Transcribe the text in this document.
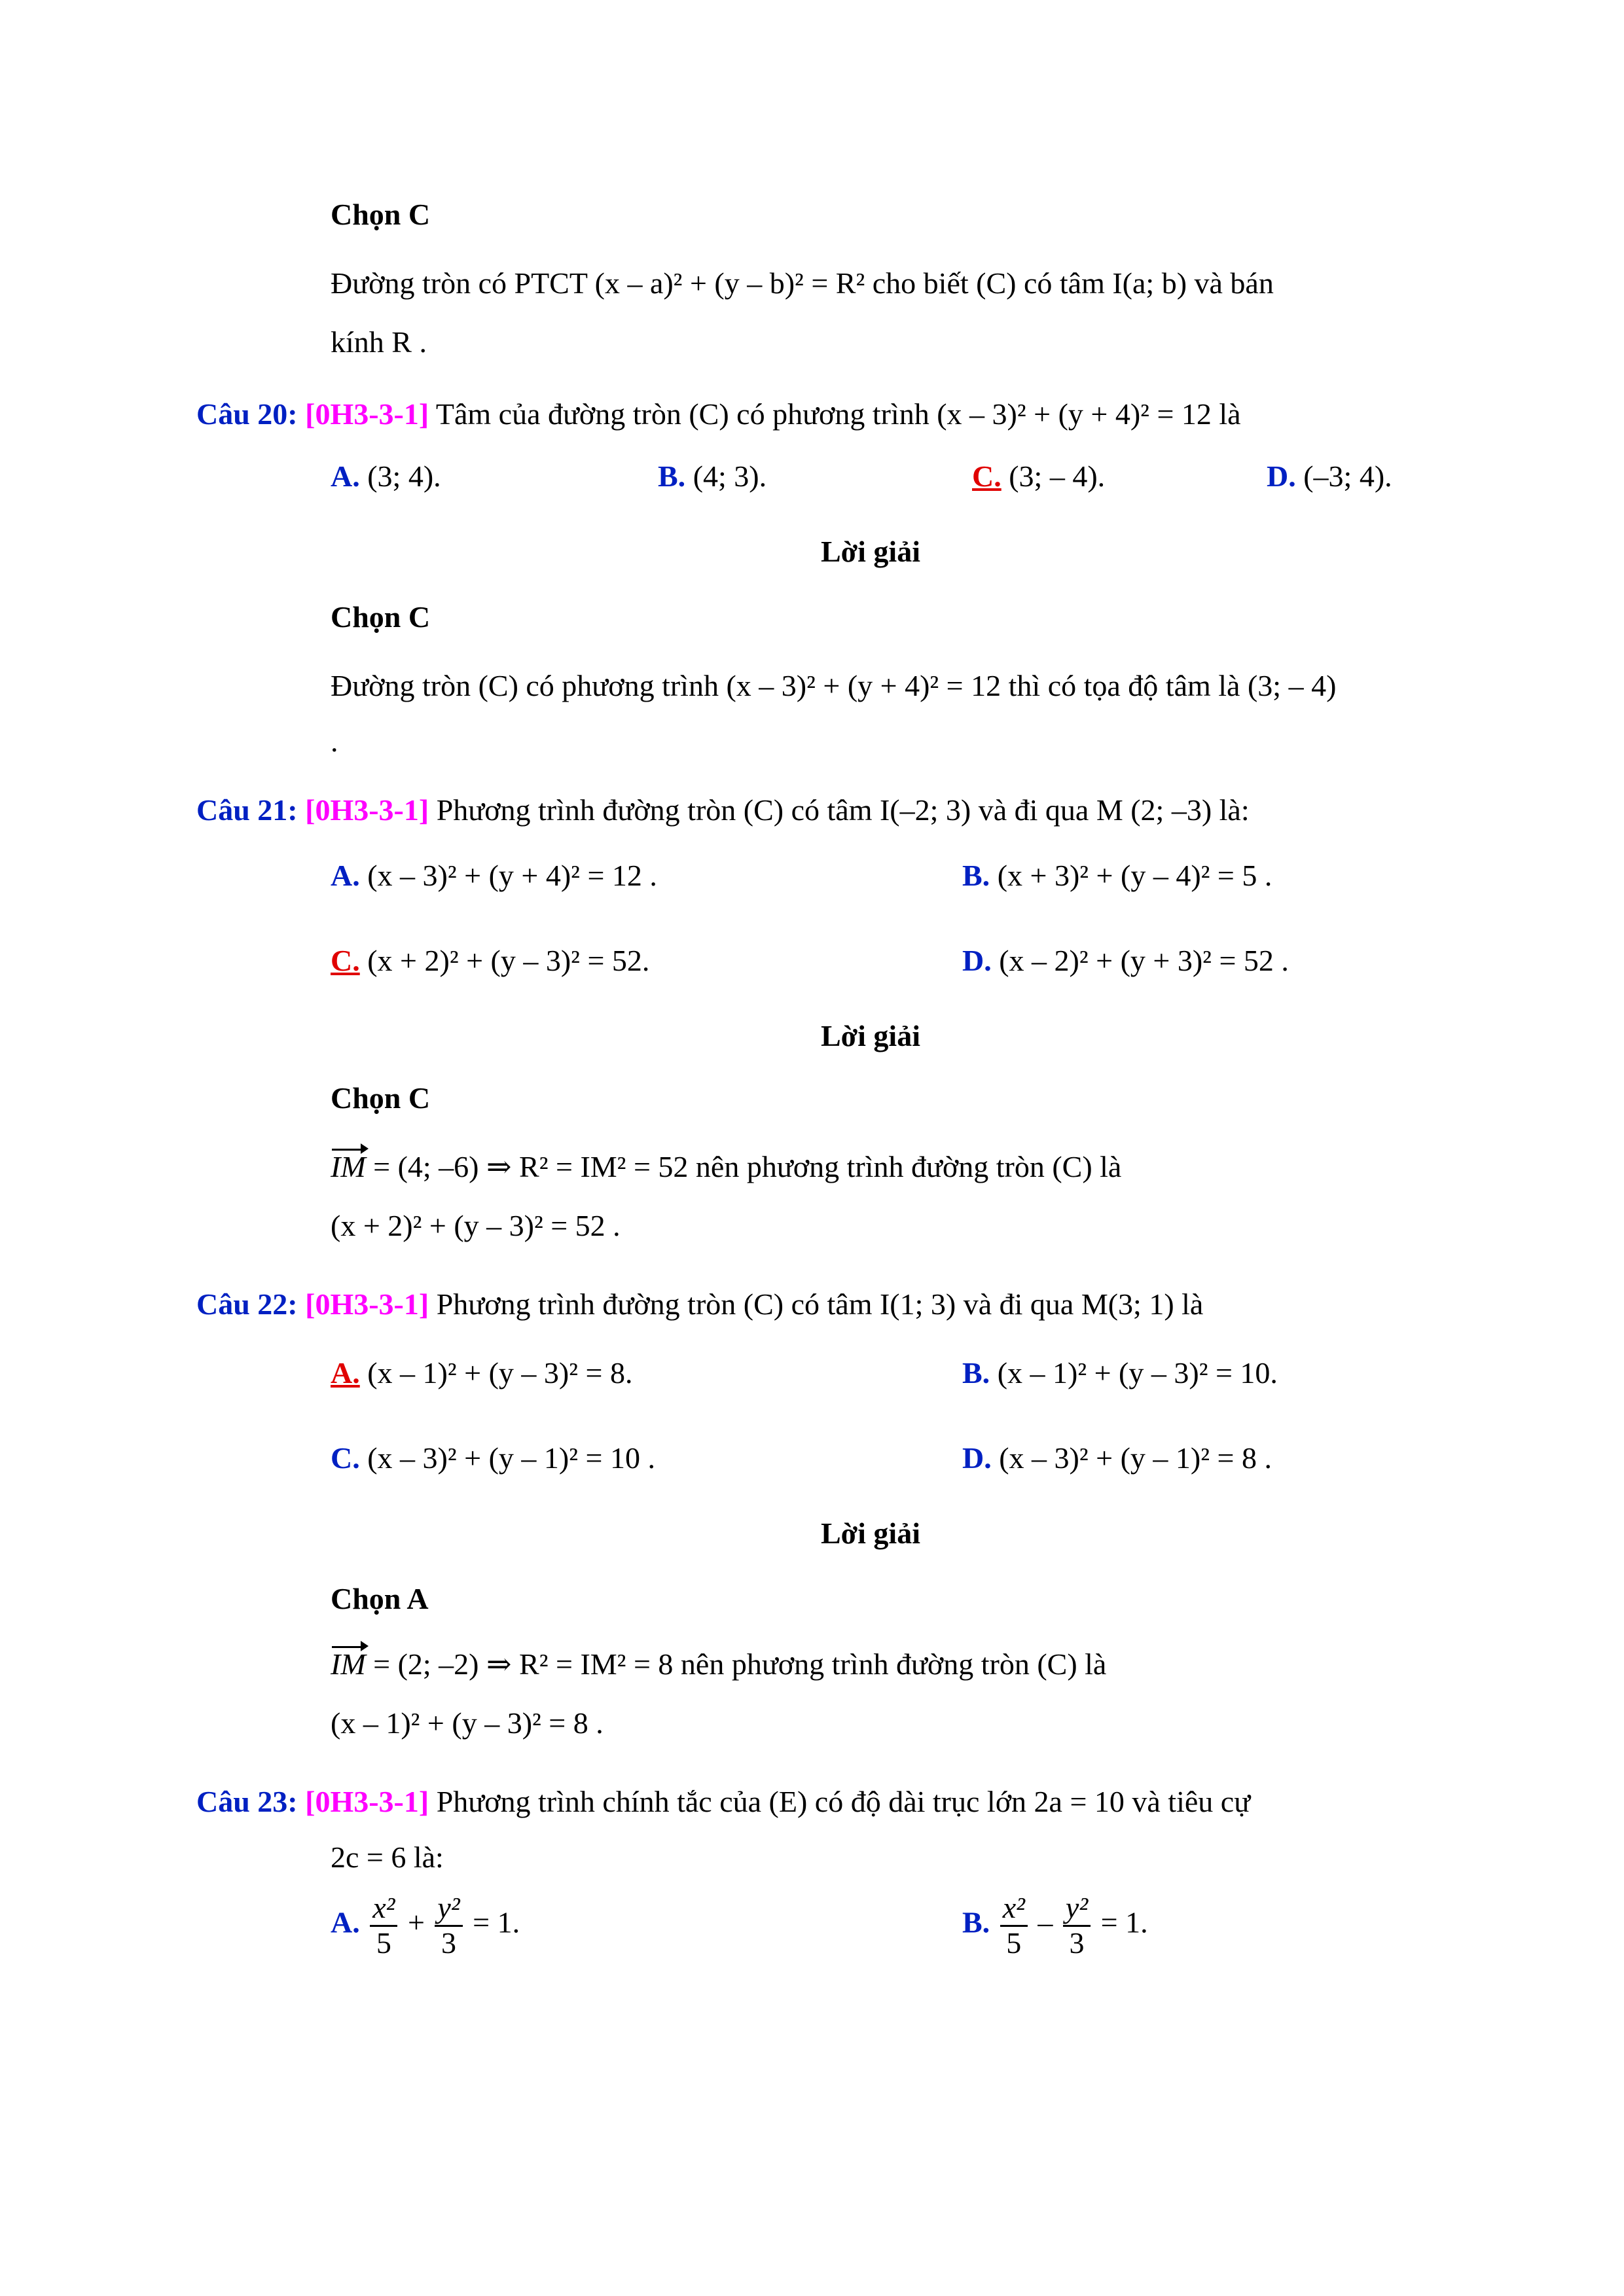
Chọn C
Đường tròn có PTCT (x – a)² + (y – b)² = R² cho biết (C) có tâm I(a; b) và bán
kính R .
Câu 20: [0H3-3-1] Tâm của đường tròn (C) có phương trình (x – 3)² + (y + 4)² = 12 là
A. (3; 4).	B. (4; 3).	C. (3; – 4).	D. (–3; 4).
Lời giải
Chọn C
Đường tròn (C) có phương trình (x – 3)² + (y + 4)² = 12 thì có tọa độ tâm là (3; – 4)
.
Câu 21: [0H3-3-1] Phương trình đường tròn (C) có tâm I(–2; 3) và đi qua M (2; –3) là:
A. (x – 3)² + (y + 4)² = 12 .	B. (x + 3)² + (y – 4)² = 5 .
C. (x + 2)² + (y – 3)² = 52.	D. (x – 2)² + (y + 3)² = 52 .
Lời giải
Chọn C
IM = (4; –6) ⇒ R² = IM² = 52 nên phương trình đường tròn (C) là
(x + 2)² + (y – 3)² = 52 .
Câu 22: [0H3-3-1] Phương trình đường tròn (C) có tâm I(1; 3) và đi qua M(3; 1) là
A. (x – 1)² + (y – 3)² = 8.	B. (x – 1)² + (y – 3)² = 10.
C. (x – 3)² + (y – 1)² = 10 .	D. (x – 3)² + (y – 1)² = 8 .
Lời giải
Chọn A
IM = (2; –2) ⇒ R² = IM² = 8 nên phương trình đường tròn (C) là
(x – 1)² + (y – 3)² = 8 .
Câu 23: [0H3-3-1] Phương trình chính tắc của (E) có độ dài trục lớn 2a = 10 và tiêu cự
2c = 6 là:
A. $\frac{\text{x²}}{5} + \frac{\text{y²}}{3} = 1$.	B. $\frac{\text{x²}}{5} - \frac{\text{y²}}{3} = 1$.
